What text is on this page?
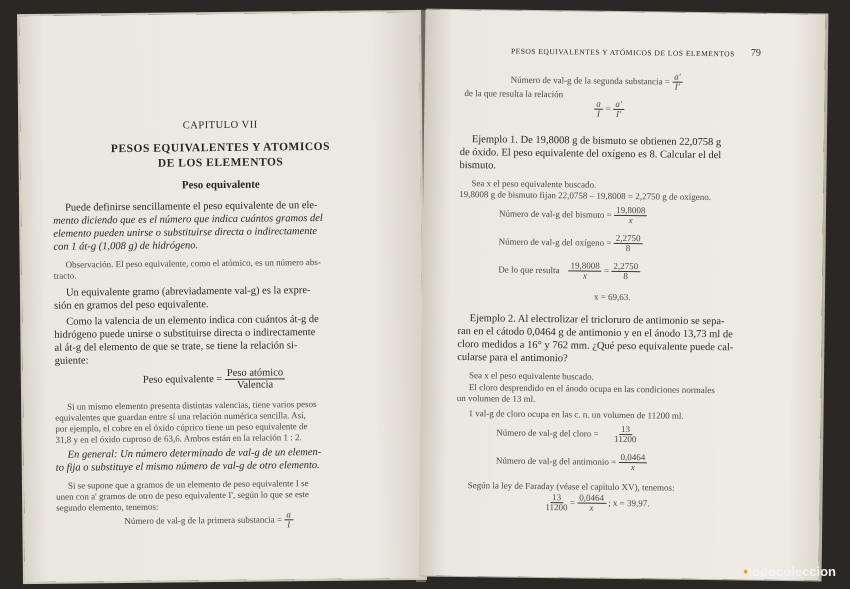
CAPITULO VII
PESOS EQUIVALENTES Y ATOMICOS
DE LOS ELEMENTOS
Peso equivalente
Puede definirse sencillamente el peso equivalente de un ele-
mento diciendo que es el número que indica cuántos gramos del
elemento pueden unirse o substituirse directa o indirectamente
con 1 át-g (1,008 g) de hidrógeno.
Observación. El peso equivalente, como el atómico, es un número abs-
tracto.
Un equivalente gramo (abreviadamente val-g) es la expre-
sión en gramos del peso equivalente.
Como la valencia de un elemento indica con cuántos át-g de
hidrógeno puede unirse o substituirse directa o indirectamente
al át-g del elemento de que se trate, se tiene la relación si-
guiente:
Peso equivalente = $\frac{\text{Peso atómico}}{\text{Valencia}}$
Si un mismo elemento presenta distintas valencias, tiene varios pesos
equivalentes que guardan entre sí una relación numérica sencilla. Así,
por ejemplo, el cobre en el óxido cúprico tiene un peso equivalente de
31,8 y en el óxido cuproso de 63,6. Ambos están en la relación 1 : 2.
En general: Un número determinado de val-g de un elemen-
to fija o substituye el mismo número de val-g de otro elemento.
Si se supone que a gramos de un elemento de peso equivalente I se
unen con a' gramos de otro de peso equivalente I', según lo que se este
segundo elemento, tenemos:
Número de val-g de la primera substancia = $\frac{a}{I}$
PESOS EQUIVALENTES Y ATÓMICOS DE LOS ELEMENTOS 79
Número de val-g de la segunda substancia = $\frac{a'}{I'}$
de la que resulta la relación
$\frac{a}{I} = \frac{a'}{I'}$
Ejemplo 1. De 19,8008 g de bismuto se obtienen 22,0758 g
de óxido. El peso equivalente del oxígeno es 8. Calcular el del
bismuto.
Sea x el peso equivalente buscado.
19,8008 g de bismuto fijan 22,0758 – 19,8008 = 2,2750 g de oxígeno.
Número de val-g del bismuto = $\frac{19,8008}{x}$
Número de val-g del oxígeno = $\frac{2,2750}{8}$
De lo que resulta $\frac{19,8008}{x} = \frac{2,2750}{8}$
x = 69,63.
Ejemplo 2. Al electrolizar el tricloruro de antimonio se sepa-
ran en el cátodo 0,0464 g de antimonio y en el ánodo 13,73 ml de
cloro medidos a 16° y 762 mm. ¿Qué peso equivalente puede cal-
cularse para el antimonio?
Sea x el peso equivalente buscado.
El cloro desprendido en el ánodo ocupa en las condiciones normales
un volumen de 13 ml.
1 val-g de cloro ocupa en las c. n. un volumen de 11200 ml.
Número de val-g del cloro = $\frac{13}{11200}$
Número de val-g del antimonio = $\frac{0,0464}{x}$
Según la ley de Faraday (véase el capítulo XV), tenemos:
$\frac{13}{11200} = \frac{0,0464}{x}$ ; x = 39,97.
•todocoleccion
